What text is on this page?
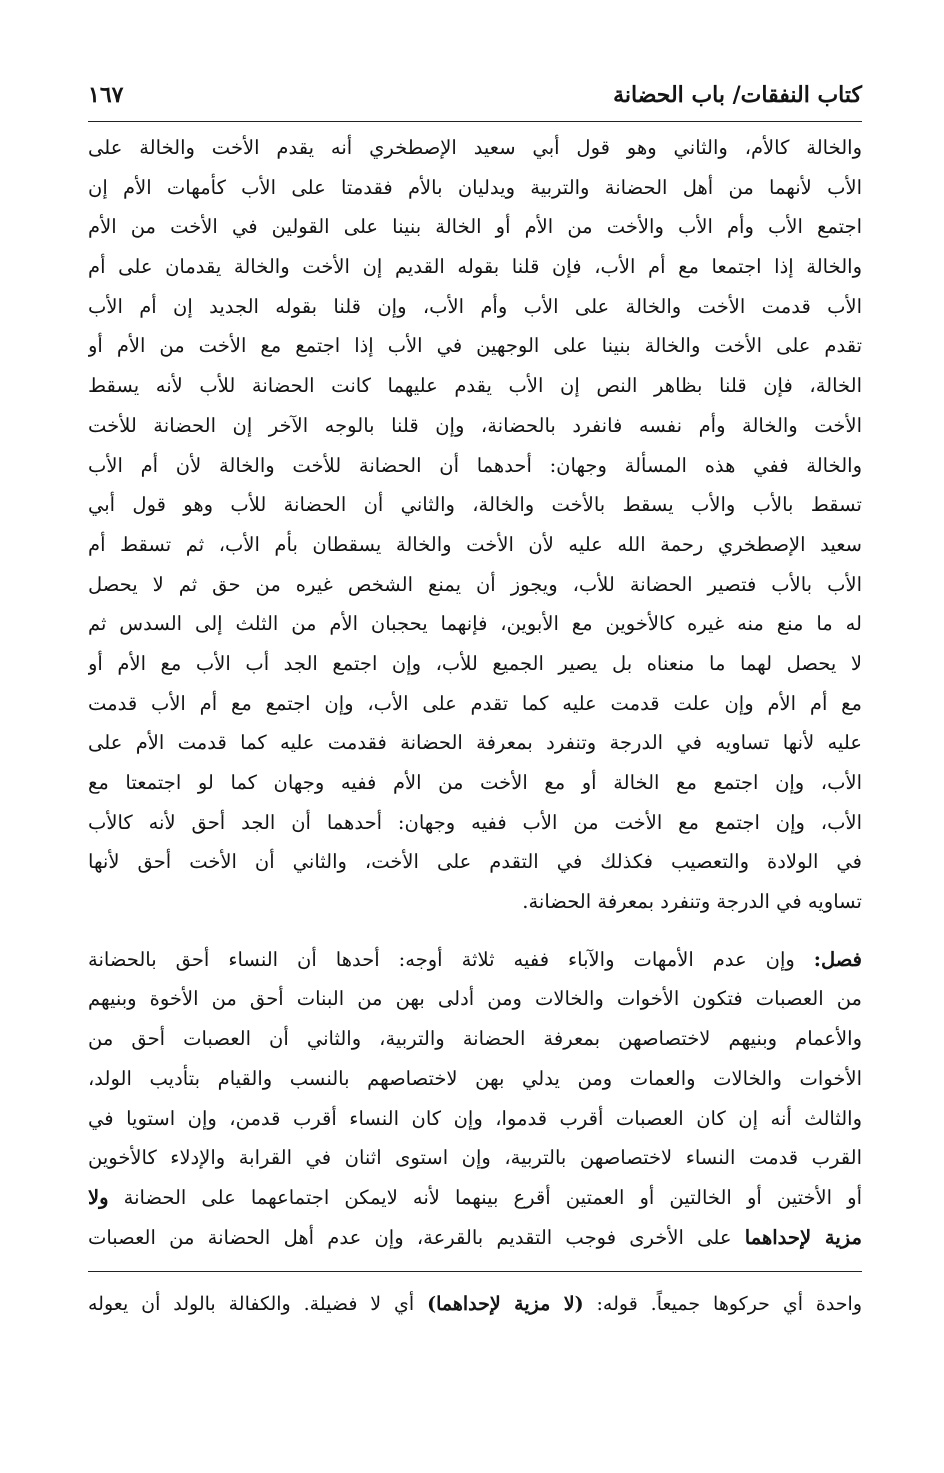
كتاب النفقات/ باب الحضانة
١٦٧
والخالة كالأم، والثاني وهو قول أبي سعيد الإصطخري أنه يقدم الأخت والخالة على
الأب لأنهما من أهل الحضانة والتربية ويدليان بالأم فقدمتا على الأب كأمهات الأم إن
اجتمع الأب وأم الأب والأخت من الأم أو الخالة بنينا على القولين في الأخت من الأم
والخالة إذا اجتمعا مع أم الأب، فإن قلنا بقوله القديم إن الأخت والخالة يقدمان على أم
الأب قدمت الأخت والخالة على الأب وأم الأب، وإن قلنا بقوله الجديد إن أم الأب
تقدم على الأخت والخالة بنينا على الوجهين في الأب إذا اجتمع مع الأخت من الأم أو
الخالة، فإن قلنا بظاهر النص إن الأب يقدم عليهما كانت الحضانة للأب لأنه يسقط
الأخت والخالة وأم نفسه فانفرد بالحضانة، وإن قلنا بالوجه الآخر إن الحضانة للأخت
والخالة ففي هذه المسألة وجهان: أحدهما أن الحضانة للأخت والخالة لأن أم الأب
تسقط بالأب والأب يسقط بالأخت والخالة، والثاني أن الحضانة للأب وهو قول أبي
سعيد الإصطخري رحمة الله عليه لأن الأخت والخالة يسقطان بأم الأب، ثم تسقط أم
الأب بالأب فتصير الحضانة للأب، ويجوز أن يمنع الشخص غيره من حق ثم لا يحصل
له ما منع منه غيره كالأخوين مع الأبوين، فإنهما يحجبان الأم من الثلث إلى السدس ثم
لا يحصل لهما ما منعناه بل يصير الجميع للأب، وإن اجتمع الجد أب الأب مع الأم أو
مع أم الأم وإن علت قدمت عليه كما تقدم على الأب، وإن اجتمع مع أم الأب قدمت
عليه لأنها تساويه في الدرجة وتنفرد بمعرفة الحضانة فقدمت عليه كما قدمت الأم على
الأب، وإن اجتمع مع الخالة أو مع الأخت من الأم ففيه وجهان كما لو اجتمعتا مع
الأب، وإن اجتمع مع الأخت من الأب ففيه وجهان: أحدهما أن الجد أحق لأنه كالأب
في الولادة والتعصيب فكذلك في التقدم على الأخت، والثاني أن الأخت أحق لأنها
تساويه في الدرجة وتنفرد بمعرفة الحضانة.
فصل: وإن عدم الأمهات والآباء ففيه ثلاثة أوجه: أحدها أن النساء أحق بالحضانة
من العصبات فتكون الأخوات والخالات ومن أدلى بهن من البنات أحق من الأخوة وبنيهم
والأعمام وبنيهم لاختصاصهن بمعرفة الحضانة والتربية، والثاني أن العصبات أحق من
الأخوات والخالات والعمات ومن يدلي بهن لاختصاصهم بالنسب والقيام بتأديب الولد،
والثالث أنه إن كان العصبات أقرب قدموا، وإن كان النساء أقرب قدمن، وإن استويا في
القرب قدمت النساء لاختصاصهن بالتربية، وإن استوى اثنان في القرابة والإدلاء كالأخوين
أو الأختين أو الخالتين أو العمتين أقرع بينهما لأنه لايمكن اجتماعهما على الحضانة ولا
مزية لإحداهما على الأخرى فوجب التقديم بالقرعة، وإن عدم أهل الحضانة من العصبات
واحدة أي حركوها جميعاً. قوله: (لا مزية لإحداهما) أي لا فضيلة. والكفالة بالولد أن يعوله
